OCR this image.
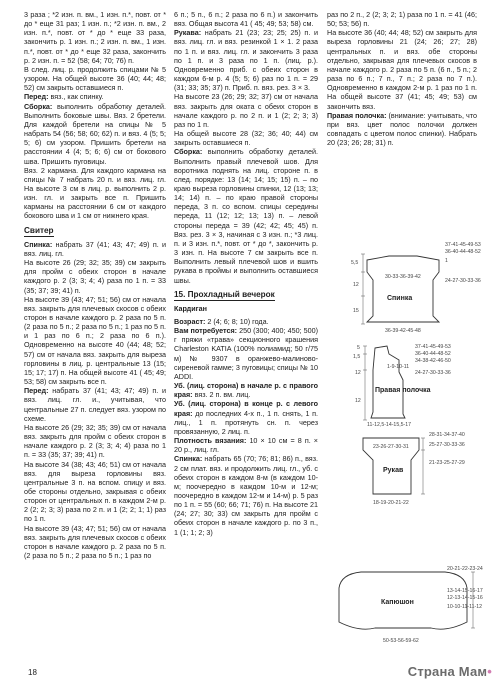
3 раза ; *2 изн. п. вм., 1 изн. п.*, повт. от * до * еще 31 раз; 1 изн. п.; *2 изн. п. вм., 2 изн. п.*, повт. от * до * еще 33 раза, закончить р. 1 изн. п.; 2 изн. п. вм., 1 изн. п.*, повт. от * до * еще 32 раза, закончить р. 2 изн. п. = 52 (58; 64; 70; 76) п.

В след. лиц. р. продолжить спицами № 5 узором. На общей высоте 36 (40; 44; 48; 52) см закрыть оставшиеся п.

Перед: вяз., как спинку.

Сборка: выполнить обработку деталей. Выполнить боковые швы. Вяз. 2 бретели. Для каждой бретели на спицы № 5 набрать 54 (56; 58; 60; 62) п. и вяз. 4 (5; 5; 5; 6) см узором. Пришить бретели на расстоянии 4 (4; 5; 6; 6) см от бокового шва. Пришить пуговицы.

Вяз. 2 кармана. Для каждого кармана на спицы № 7 набрать 20 п. и вяз. лиц. гл. На высоте 3 см в лиц. р. выполнить 2 р. изн. гл. и закрыть все п. Пришить карманы на расстоянии 6 см от каждого бокового шва и 1 см от нижнего края.

Свитер

Спинка: набрать 37 (41; 43; 47; 49) п. и вяз. лиц. гл.

На высоте 26 (29; 32; 35; 39) см закрыть для пройм с обеих сторон в начале каждого р. 2 (3; 3; 4; 4) раза по 1 п. = 33 (35; 37; 39; 41) п.

На высоте 39 (43; 47; 51; 56) см от начала вяз. закрыть для плечевых скосов с обеих сторон в начале каждого р. 2 раза по 5 п. (2 раза по 5 п.; 2 раза по 5 п.; 1 раз по 5 п. и 1 раз по 6 п.; 2 раза по 6 п.). Одновременно на высоте 40 (44; 48; 52; 57) см от начала вяз. закрыть для выреза горловины в лиц. р. центральные 13 (15; 15; 17; 17) п. На общей высоте 41 ( 45; 49; 53; 58) см закрыть все п.

Перед: набрать 37 (41; 43; 47; 49) п. и вяз. лиц. гл. и., учитывая, что центральные 27 п. следует вяз. узором по схеме.

На высоте 26 (29; 32; 35; 39) см от начала вяз. закрыть для пройм с обеих сторон в начале каждого р. 2 (3; 3; 4; 4) раза по 1 п. = 33 (35; 37; 39; 41) п.

На высоте 34 (38; 43; 46; 51) см от начала вяз. для выреза горловины вяз. центральные 3 п. на вспом. спицу и вяз. обе стороны отдельно, закрывая с обеих сторон от центральных п. в каждом 2-м р. 2 (2; 2; 3; 3) раза по 2 п. и 1 (2; 2; 1; 1) раз по 1 п.

На высоте 39 (43; 47; 51; 56) см от начала вяз. закрыть для плечевых скосов с обеих сторон в начале каждого р. 2 раза по 5 п. (2 раза по 5 п.; 2 раза по 5 п.; 1 раз по

6 п.; 5 п., 6 п.; 2 раза по 6 п.) и закончить вяз. Общая высота 41 ( 45; 49; 53; 58) см.

Рукава: набрать 21 (23; 23; 25; 25) п. и вяз. лиц. гл. и вяз. резинкой 1 × 1. 2 раза по 1 п. и вяз. лиц. гл. и закончить 3 раза по 1 п. и 3 раза по 1 п. (лиц. р.). Одновременно приб. с обеих сторон в каждом 6-м р. 4 (5; 5; 6) раз по 1 п. = 29 (31; 33; 35; 37) п. Приб. п. вяз. рез. 3 × 3.

На высоте 23 (26; 29; 32; 37) см от начала вяз. закрыть для оката с обеих сторон в начале каждого р. по 2 п. и 1 (2; 2; 3; 3) раз по 1 п.

На общей высоте 28 (32; 36; 40; 44) см закрыть оставшиеся п.

Сборка: выполнить обработку деталей. Выполнить правый плечевой шов. Для воротника поднять на лиц. стороне п. в след. порядке: 13 (14; 14; 15; 15) п. – по краю выреза горловины спинки, 12 (13; 13; 14; 14) п. – по краю правой стороны переда, 3 п. со вспом. спицы середины переда, 11 (12; 12; 13; 13) п. – левой стороны переда = 39 (42; 42; 45; 45) п. Вяз. рез. 3 × 3, начиная с 3 изн. п.; *3 лиц. п. и 3 изн. п.*, повт. от * до *, закончить р. 3 изн. п. На высоте 7 см закрыть все п. Выполнить левый плечевой шов и вшить рукава в проймы и выполнить оставшиеся швы.

15. Прохладный вечерок

Кардиган

Возраст: 2 (4; 6; 8; 10) года.

Вам потребуется: 250 (300; 400; 450; 500) г пряжи «трава» секционного крашения Charleston KATIA (100% полиамид; 50 г/75 м) № 9307 в оранжево-малиново-сиреневой гамме; 3 пуговицы; спицы № 10 ADDI.

Уб. (лиц. сторона) в начале р. с правого края: вяз. 2 п. вм. лиц.

Уб. (лиц. сторона) в конце р. с левого края: до последних 4-х п., 1 п. снять, 1 п. лиц., 1 п. протянуть сн. п. через провязанную, 2 лиц. п.

Плотность вязания: 10 × 10 см = 8 п. × 20 р., лиц. гл.

Спинка: набрать 65 (70; 76; 81; 86) п., вяз. 2 см плат. вяз. и продолжить лиц. гл., уб. с обеих сторон в каждом 8-м (в каждом 10-м; поочередно в каждом 10-м и 12-м; поочередно в каждом 12-м и 14-м) р. 5 раз по 1 п. = 55 (60; 66; 71; 76) п. На высоте 21 (24; 27; 30; 33) см закрыть для пройм с обеих сторон в начале каждого р. по 3 п., 1 (1; 1; 2; 3)

раз по 2 п., 2 (2; 3; 2; 1) раза по 1 п. = 41 (46; 50; 53; 56) п.

На высоте 36 (40; 44; 48; 52) см закрыть для выреза горловины 21 (24; 26; 27; 28) центральных п. и вяз. обе стороны отдельно, закрывая для плечевых скосов в начале каждого р. 2 раза по 5 п. (6 п., 5 п.; 2 раза по 6 п.; 7 п., 7 п.; 2 раза по 7 п.). Одновременно в каждом 2-м р. 1 раз по 1 п. На общей высоте 37 (41; 45; 49; 53) см закончить вяз.

Правая полочка: (внимание: учитывать, что при вяз. цвет полос полочки должен совпадать с цветом полос спинки). Набрать 20 (23; 26; 28; 31) п.

5,5
12
15
37-41-45-49-53
36-40-44-48-52
1
24-27-30-33-36
30-33-36-39-42
Спинка
36-39-42-45-48
5
1,5
12
12
37-41-45-49-53
36-40-44-48-52
34-38-42-46-50
24-27-30-33-36
1-9-10-11
Правая полочка
11-12,5-14-15,5-17
28-31-34-37-40
25-27-30-33-36
21-23-25-27-29
23-26-27-30-31
Рукав
18-19-20-21-22
20-21-22-23-24
13-14-15-16-17
12-13-14-15-16
10-10-11-11-12
Капюшон
50-53-56-59-62
18	Страна Мам•
